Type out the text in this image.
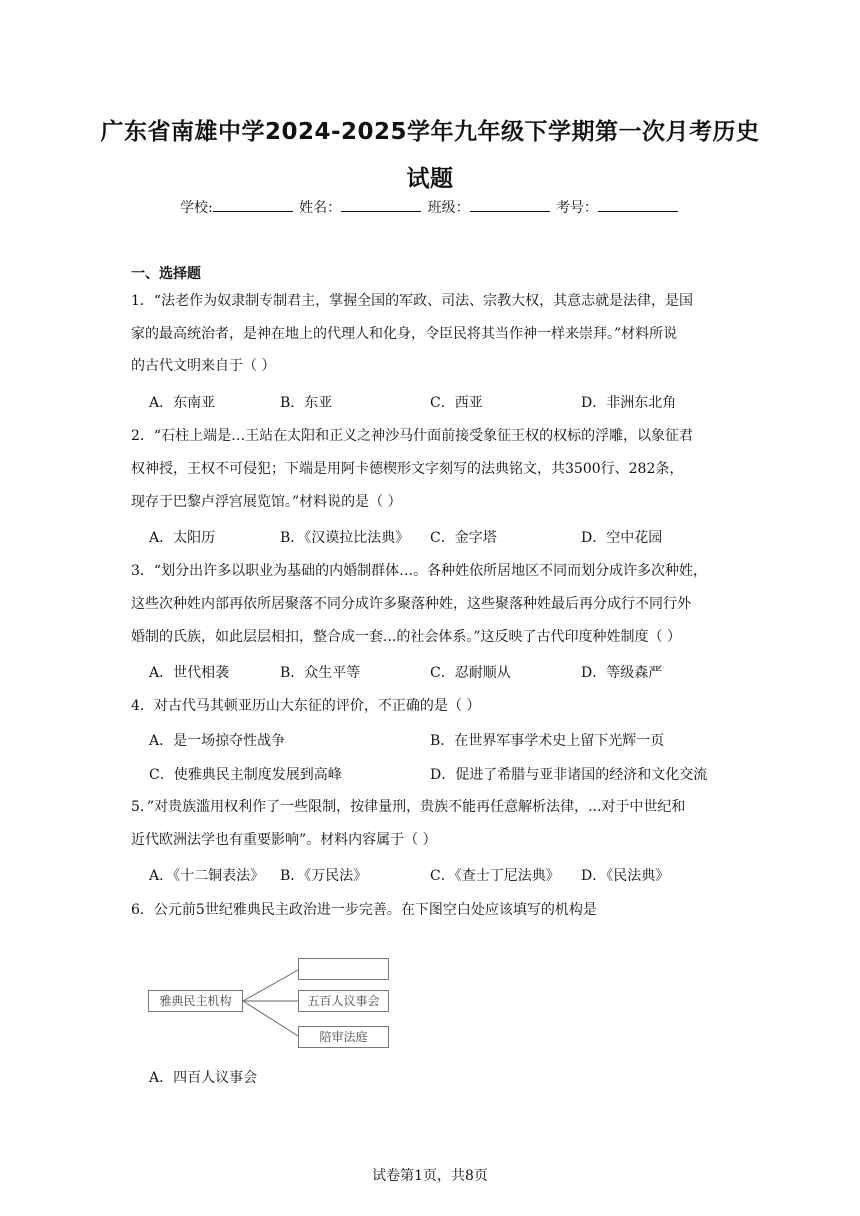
广东省南雄中学2024-2025学年九年级下学期第一次月考历史
试题
学校:	姓名：	班级：	考号：
一、选择题
1．“法老作为奴隶制专制君主，掌握全国的军政、司法、宗教大权，其意志就是法律，是国
家的最高统治者，是神在地上的代理人和化身，令臣民将其当作神一样来崇拜。”材料所说
的古代文明来自于（ ）
A．东南亚	B．东亚	C．西亚	D．非洲东北角
2．“石柱上端是…王站在太阳和正义之神沙马什面前接受象征王权的权标的浮雕，以象征君
权神授，王权不可侵犯；下端是用阿卡德楔形文字刻写的法典铭文，共3500行、282条，
现存于巴黎卢浮宫展览馆。”材料说的是（ ）
A．太阳历	B．《汉谟拉比法典》 C．金字塔	D．空中花园
3．“划分出许多以职业为基础的内婚制群体…。各种姓依所居地区不同而划分成许多次种姓，
这些次种姓内部再依所居聚落不同分成许多聚落种姓，这些聚落种姓最后再分成行不同行外
婚制的氏族，如此层层相扣，整合成一套...的社会体系。”这反映了古代印度种姓制度（ ）
A．世代相袭	B．众生平等	C．忍耐顺从	D．等级森严
4．对古代马其顿亚历山大东征的评价，不正确的是（ ）
A．是一场掠夺性战争	B．在世界军事学术史上留下光辉一页
C．使雅典民主制度发展到高峰	D．促进了希腊与亚非诸国的经济和文化交流
5．”对贵族滥用权利作了一些限制，按律量刑，贵族不能再任意解析法律，...对于中世纪和
近代欧洲法学也有重要影响”。材料内容属于（ ）
A．《十二铜表法》 B．《万民法》	C．《查士丁尼法典》 D．《民法典》
6．公元前5世纪雅典民主政治进一步完善。在下图空白处应该填写的机构是
雅典民主机构	五百人议事会
陪审法庭
A．四百人议事会
试卷第1页，共8页
